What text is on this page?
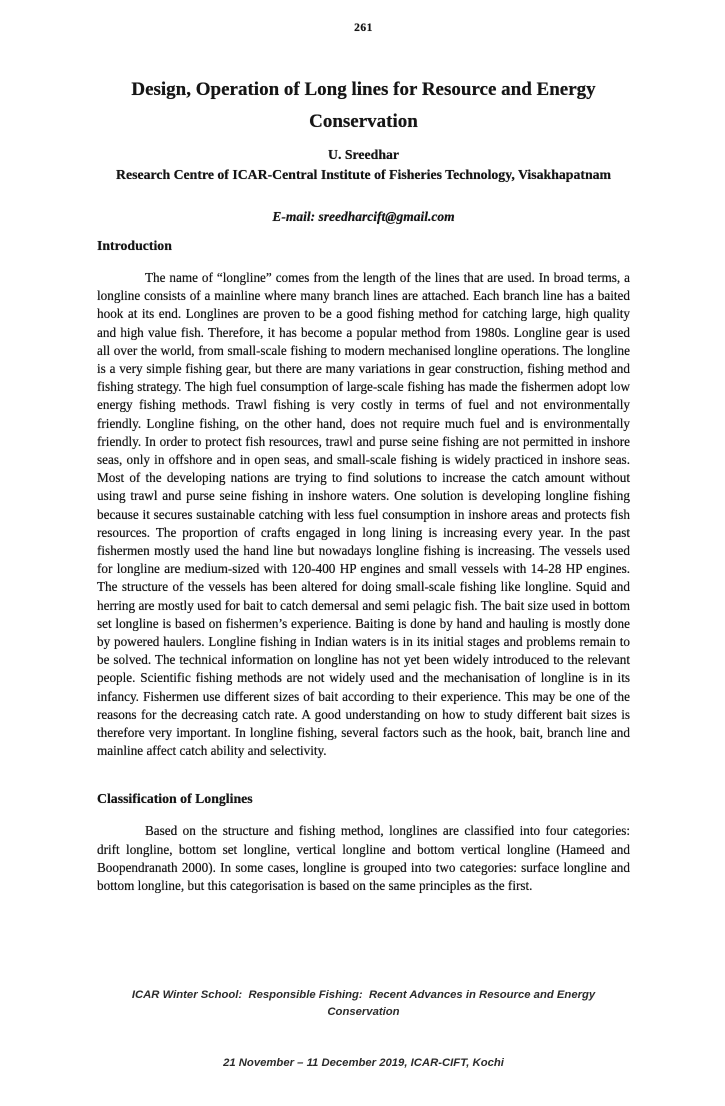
261
Design, Operation of Long lines for Resource and Energy Conservation
U. Sreedhar
Research Centre of ICAR-Central Institute of Fisheries Technology, Visakhapatnam
E-mail: sreedharcift@gmail.com
Introduction

The name of “longline” comes from the length of the lines that are used. In broad terms, a longline consists of a mainline where many branch lines are attached. Each branch line has a baited hook at its end. Longlines are proven to be a good fishing method for catching large, high quality and high value fish. Therefore, it has become a popular method from 1980s. Longline gear is used all over the world, from small-scale fishing to modern mechanised longline operations. The longline is a very simple fishing gear, but there are many variations in gear construction, fishing method and fishing strategy. The high fuel consumption of large-scale fishing has made the fishermen adopt low energy fishing methods. Trawl fishing is very costly in terms of fuel and not environmentally friendly. Longline fishing, on the other hand, does not require much fuel and is environmentally friendly. In order to protect fish resources, trawl and purse seine fishing are not permitted in inshore seas, only in offshore and in open seas, and small-scale fishing is widely practiced in inshore seas. Most of the developing nations are trying to find solutions to increase the catch amount without using trawl and purse seine fishing in inshore waters. One solution is developing longline fishing because it secures sustainable catching with less fuel consumption in inshore areas and protects fish resources. The proportion of crafts engaged in long lining is increasing every year. In the past fishermen mostly used the hand line but nowadays longline fishing is increasing. The vessels used for longline are medium-sized with 120-400 HP engines and small vessels with 14-28 HP engines. The structure of the vessels has been altered for doing small-scale fishing like longline. Squid and herring are mostly used for bait to catch demersal and semi pelagic fish. The bait size used in bottom set longline is based on fishermen’s experience. Baiting is done by hand and hauling is mostly done by powered haulers. Longline fishing in Indian waters is in its initial stages and problems remain to be solved. The technical information on longline has not yet been widely introduced to the relevant people. Scientific fishing methods are not widely used and the mechanisation of longline is in its infancy. Fishermen use different sizes of bait according to their experience. This may be one of the reasons for the decreasing catch rate. A good understanding on how to study different bait sizes is therefore very important. In longline fishing, several factors such as the hook, bait, branch line and mainline affect catch ability and selectivity.

Classification of Longlines

Based on the structure and fishing method, longlines are classified into four categories: drift longline, bottom set longline, vertical longline and bottom vertical longline (Hameed and Boopendranath 2000). In some cases, longline is grouped into two categories: surface longline and bottom longline, but this categorisation is based on the same principles as the first.

ICAR Winter School:  Responsible Fishing:  Recent Advances in Resource and Energy Conservation

21 November – 11 December 2019, ICAR-CIFT, Kochi
